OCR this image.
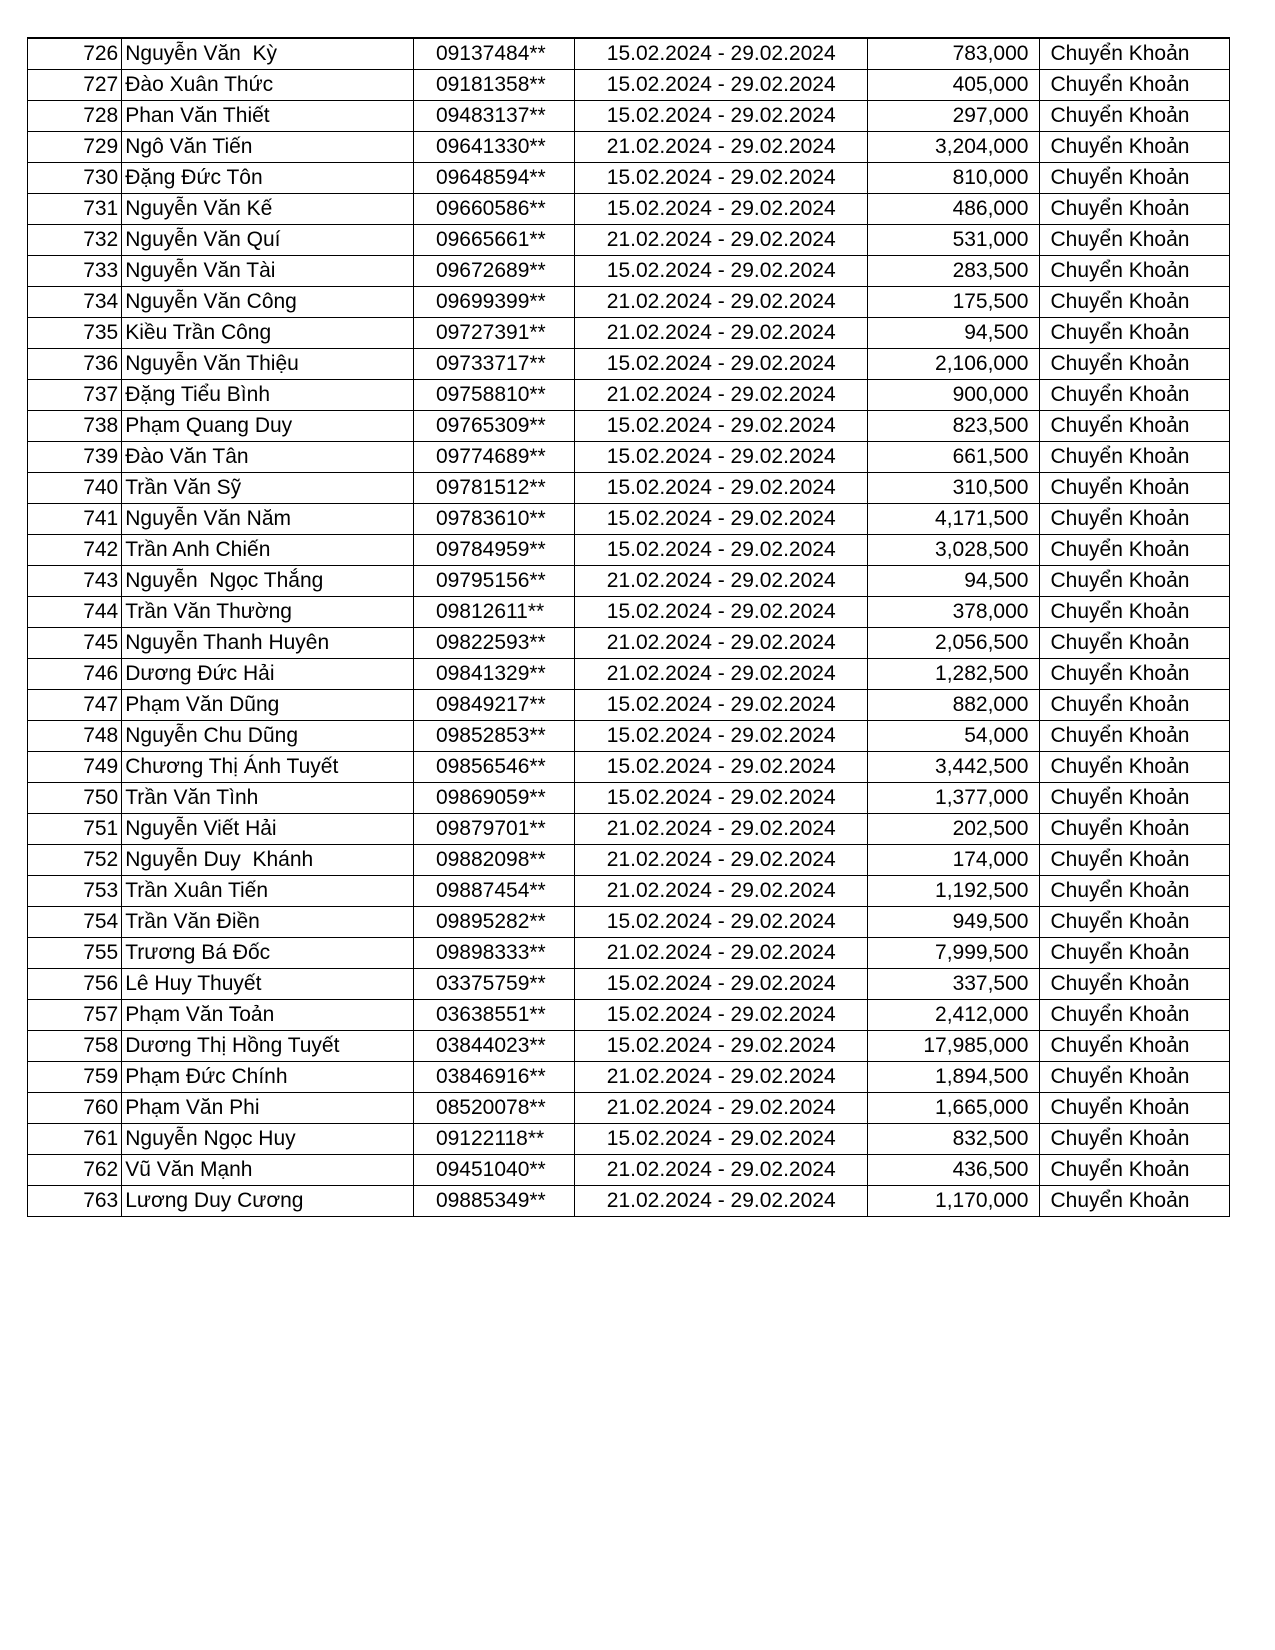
726	Nguyễn Văn  Kỳ	09137484**	15.02.2024 - 29.02.2024	783,000	Chuyển Khoản
727	Đào Xuân Thức	09181358**	15.02.2024 - 29.02.2024	405,000	Chuyển Khoản
728	Phan Văn Thiết	09483137**	15.02.2024 - 29.02.2024	297,000	Chuyển Khoản
729	Ngô Văn Tiến	09641330**	21.02.2024 - 29.02.2024	3,204,000	Chuyển Khoản
730	Đặng Đức Tôn	09648594**	15.02.2024 - 29.02.2024	810,000	Chuyển Khoản
731	Nguyễn Văn Kế	09660586**	15.02.2024 - 29.02.2024	486,000	Chuyển Khoản
732	Nguyễn Văn Quí	09665661**	21.02.2024 - 29.02.2024	531,000	Chuyển Khoản
733	Nguyễn Văn Tài	09672689**	15.02.2024 - 29.02.2024	283,500	Chuyển Khoản
734	Nguyễn Văn Công	09699399**	21.02.2024 - 29.02.2024	175,500	Chuyển Khoản
735	Kiều Trần Công	09727391**	21.02.2024 - 29.02.2024	94,500	Chuyển Khoản
736	Nguyễn Văn Thiệu	09733717**	15.02.2024 - 29.02.2024	2,106,000	Chuyển Khoản
737	Đặng Tiểu Bình	09758810**	21.02.2024 - 29.02.2024	900,000	Chuyển Khoản
738	Phạm Quang Duy	09765309**	15.02.2024 - 29.02.2024	823,500	Chuyển Khoản
739	Đào Văn Tân	09774689**	15.02.2024 - 29.02.2024	661,500	Chuyển Khoản
740	Trần Văn Sỹ	09781512**	15.02.2024 - 29.02.2024	310,500	Chuyển Khoản
741	Nguyễn Văn Năm	09783610**	15.02.2024 - 29.02.2024	4,171,500	Chuyển Khoản
742	Trần Anh Chiến	09784959**	15.02.2024 - 29.02.2024	3,028,500	Chuyển Khoản
743	Nguyễn  Ngọc Thắng	09795156**	21.02.2024 - 29.02.2024	94,500	Chuyển Khoản
744	Trần Văn Thường	09812611**	15.02.2024 - 29.02.2024	378,000	Chuyển Khoản
745	Nguyễn Thanh Huyên	09822593**	21.02.2024 - 29.02.2024	2,056,500	Chuyển Khoản
746	Dương Đức Hải	09841329**	21.02.2024 - 29.02.2024	1,282,500	Chuyển Khoản
747	Phạm Văn Dũng	09849217**	15.02.2024 - 29.02.2024	882,000	Chuyển Khoản
748	Nguyễn Chu Dũng	09852853**	15.02.2024 - 29.02.2024	54,000	Chuyển Khoản
749	Chương Thị Ánh Tuyết	09856546**	15.02.2024 - 29.02.2024	3,442,500	Chuyển Khoản
750	Trần Văn Tình	09869059**	15.02.2024 - 29.02.2024	1,377,000	Chuyển Khoản
751	Nguyễn Viết Hải	09879701**	21.02.2024 - 29.02.2024	202,500	Chuyển Khoản
752	Nguyễn Duy  Khánh	09882098**	21.02.2024 - 29.02.2024	174,000	Chuyển Khoản
753	Trần Xuân Tiến	09887454**	21.02.2024 - 29.02.2024	1,192,500	Chuyển Khoản
754	Trần Văn Điền	09895282**	15.02.2024 - 29.02.2024	949,500	Chuyển Khoản
755	Trương Bá Đốc	09898333**	21.02.2024 - 29.02.2024	7,999,500	Chuyển Khoản
756	Lê Huy Thuyết	03375759**	15.02.2024 - 29.02.2024	337,500	Chuyển Khoản
757	Phạm Văn Toản	03638551**	15.02.2024 - 29.02.2024	2,412,000	Chuyển Khoản
758	Dương Thị Hồng Tuyết	03844023**	15.02.2024 - 29.02.2024	17,985,000	Chuyển Khoản
759	Phạm Đức Chính	03846916**	21.02.2024 - 29.02.2024	1,894,500	Chuyển Khoản
760	Phạm Văn Phi	08520078**	21.02.2024 - 29.02.2024	1,665,000	Chuyển Khoản
761	Nguyễn Ngọc Huy	09122118**	15.02.2024 - 29.02.2024	832,500	Chuyển Khoản
762	Vũ Văn Mạnh	09451040**	21.02.2024 - 29.02.2024	436,500	Chuyển Khoản
763	Lương Duy Cương	09885349**	21.02.2024 - 29.02.2024	1,170,000	Chuyển Khoản
